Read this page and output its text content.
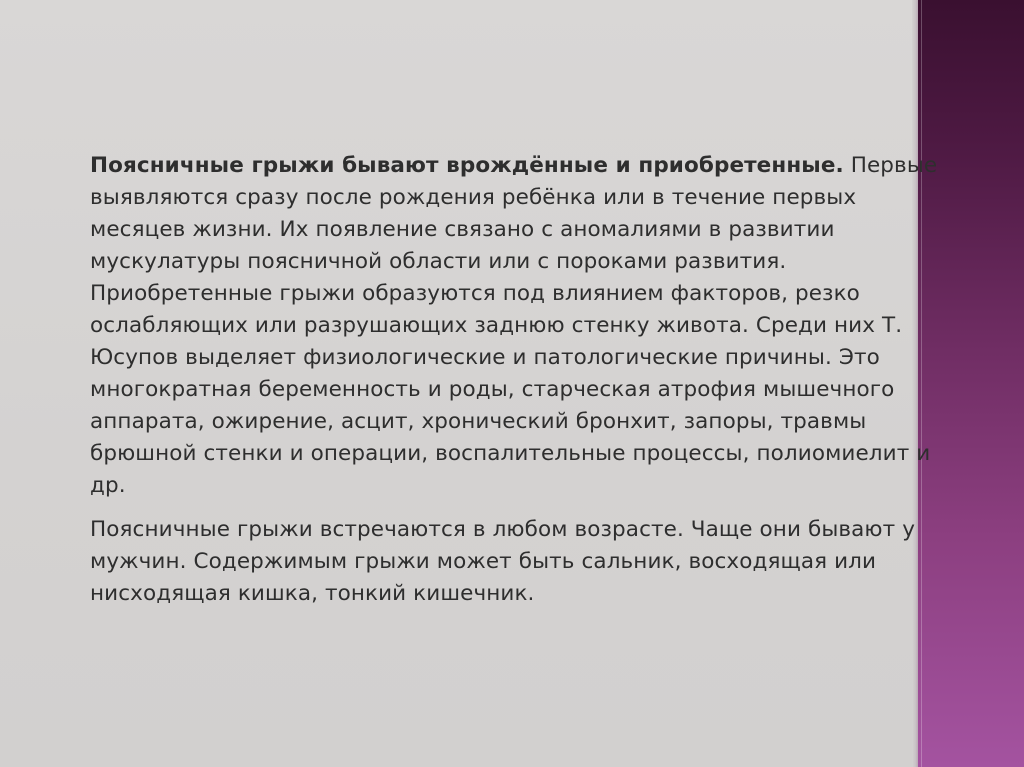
Поясничные грыжи бывают врождённые и приобретенные. Первые выявляются сразу после рождения ребёнка или в течение первых месяцев жизни. Их появление связано с аномалиями в развитии мускулатуры поясничной области или с пороками развития. Приобретенные грыжи образуются под влиянием факторов, резко ослабляющих или разрушающих заднюю стенку живота. Среди них Т. Юсупов выделяет физиологические и патологические причины. Это многократная беременность и роды, старческая атрофия мышечного аппарата, ожирение, асцит, хронический бронхит, запоры, травмы брюшной стенки и операции, воспалительные процессы, полиомиелит и др.

Поясничные грыжи встречаются в любом возрасте. Чаще они бывают у мужчин. Содержимым грыжи может быть сальник, восходящая или нисходящая кишка, тонкий кишечник.
